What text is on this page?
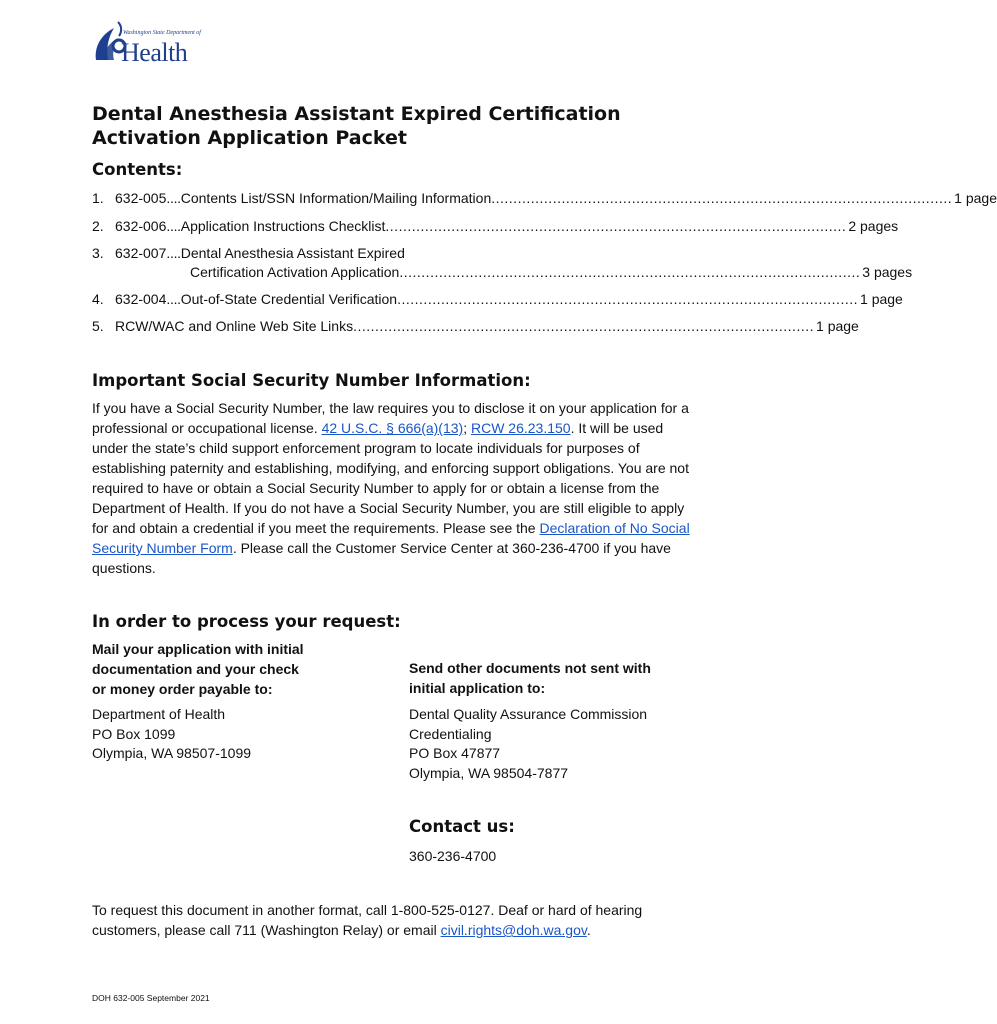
Washington State Department of
Health
Dental Anesthesia Assistant Expired Certification
Activation Application Packet
Contents:
1. 632-005 .... Contents List/SSN Information/Mailing Information ......................................................................................................... 1 page
2. 632-006 .... Application Instructions Checklist ......................................................................................................... 2 pages
3. 632-007 .... Dental Anesthesia Assistant Expired
Certification Activation Application ......................................................................................................... 3 pages
4. 632-004 .... Out-of-State Credential Verification ......................................................................................................... 1 page
5. RCW/WAC and Online Web Site Links ......................................................................................................... 1 page
Important Social Security Number Information:
If you have a Social Security Number, the law requires you to disclose it on your application for a professional or occupational license. 42 U.S.C. § 666(a)(13); RCW 26.23.150. It will be used under the state’s child support enforcement program to locate individuals for purposes of establishing paternity and establishing, modifying, and enforcing support obligations. You are not required to have or obtain a Social Security Number to apply for or obtain a license from the Department of Health. If you do not have a Social Security Number, you are still eligible to apply for and obtain a credential if you meet the requirements. Please see the Declaration of No Social Security Number Form. Please call the Customer Service Center at 360-236-4700 if you have questions.
In order to process your request:
Mail your application with initial
documentation and your check
or money order payable to:
Department of Health
PO Box 1099
Olympia, WA 98507-1099
Send other documents not sent with
initial application to:
Dental Quality Assurance Commission
Credentialing
PO Box 47877
Olympia, WA 98504-7877
Contact us:
360-236-4700
To request this document in another format, call 1-800-525-0127. Deaf or hard of hearing customers, please call 711 (Washington Relay) or email civil.rights@doh.wa.gov.
DOH 632-005 September 2021
